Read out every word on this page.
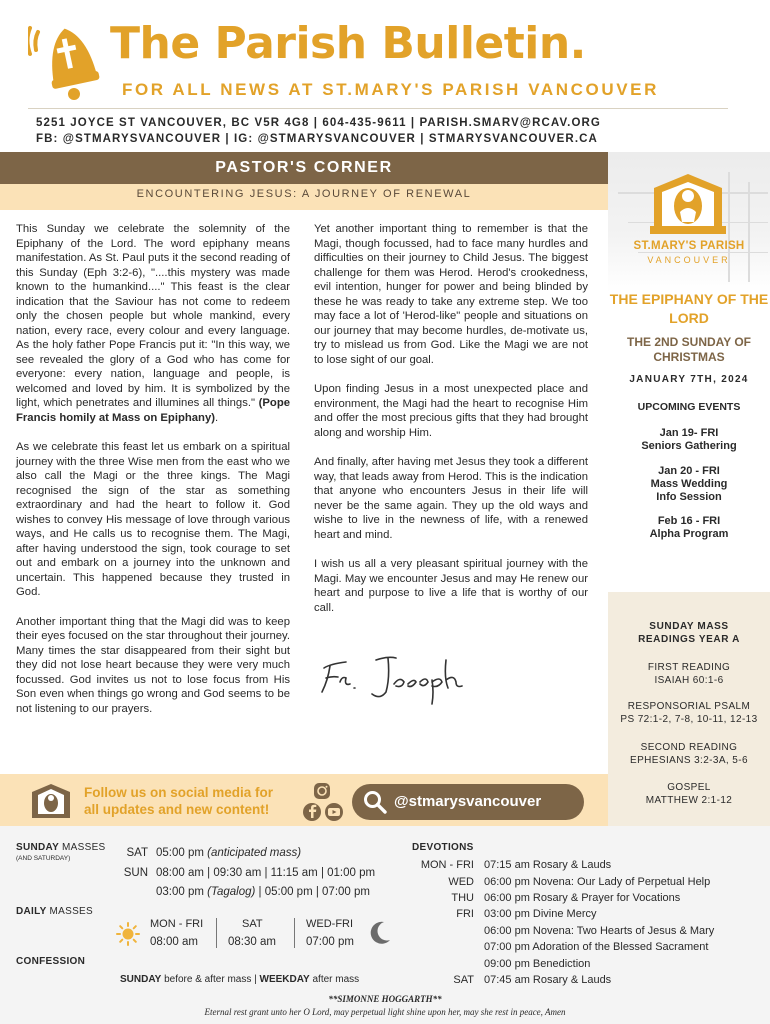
The Parish Bulletin.
FOR ALL NEWS AT ST.MARY'S PARISH VANCOUVER
5251 JOYCE ST VANCOUVER, BC V5R 4G8 | 604-435-9611 | PARISH.SMARV@RCAV.ORG
FB: @STMARYSVANCOUVER | IG: @STMARYSVANCOUVER | STMARYSVANCOUVER.CA
PASTOR'S CORNER
ENCOUNTERING JESUS: A JOURNEY OF RENEWAL

This Sunday we celebrate the solemnity of the Epiphany of the Lord. The word epiphany means manifestation. As St. Paul puts it the second reading of this Sunday (Eph 3:2-6), "....this mystery was made known to the humankind...." This feast is the clear indication that the Saviour has not come to redeem only the chosen people but whole mankind, every nation, every race, every colour and every language. As the holy father Pope Francis put it: "In this way, we see revealed the glory of a God who has come for everyone: every nation, language and people, is welcomed and loved by him. It is symbolized by the light, which penetrates and illumines all things." (Pope Francis homily at Mass on Epiphany).

As we celebrate this feast let us embark on a spiritual journey with the three Wise men from the east who we also call the Magi or the three kings. The Magi recognised the sign of the star as something extraordinary and had the heart to follow it. God wishes to convey His message of love through various ways, and He calls us to recognise them. The Magi, after having understood the sign, took courage to set out and embark on a journey into the unknown and uncertain. This happened because they trusted in God.

Another important thing that the Magi did was to keep their eyes focused on the star throughout their journey. Many times the star disappeared from their sight but they did not lose heart because they were very much focussed. God invites us not to lose focus from His Son even when things go wrong and God seems to be not listening to our prayers.

Yet another important thing to remember is that the Magi, though focussed, had to face many hurdles and difficulties on their journey to Child Jesus. The biggest challenge for them was Herod. Herod's crookedness, evil intention, hunger for power and being blinded by these he was ready to take any extreme step. We too may face a lot of 'Herod-like" people and situations on our journey that may become hurdles, de-motivate us, try to mislead us from God. Like the Magi we are not to lose sight of our goal.

Upon finding Jesus in a most unexpected place and environment, the Magi had the heart to recognise Him and offer the most precious gifts that they had brought along and worship Him.

And finally, after having met Jesus they took a different way, that leads away from Herod. This is the indication that anyone who encounters Jesus in their life will never be the same again. They up the old ways and wishe to live in the newness of life, with a renewed heart and mind.

I wish us all a very pleasant spiritual journey with the Magi. May we encounter Jesus and may He renew our heart and purpose to live a life that is worthy of our call.

ST.MARY'S PARISH
VANCOUVER
THE EPIPHANY OF THE LORD
THE 2ND SUNDAY OF CHRISTMAS
JANUARY 7TH, 2024
UPCOMING EVENTS
Jan 19- FRI
Seniors Gathering
Jan 20 - FRI
Mass Wedding Info Session
Feb 16 - FRI
Alpha Program
SUNDAY MASS READINGS YEAR A
FIRST READING
ISAIAH 60:1-6
RESPONSORIAL PSALM
PS 72:1-2, 7-8, 10-11, 12-13
SECOND READING
EPHESIANS 3:2-3A, 5-6
GOSPEL
MATTHEW 2:1-12
Follow us on social media for
all updates and new content!	@stmarysvancouver
SUNDAY MASSES
(AND SATURDAY)	SAT 05:00 pm (anticipated mass)
SUN 08:00 am | 09:30 am | 11:15 am | 01:00 pm
03:00 pm (Tagalog) | 05:00 pm | 07:00 pm
DAILY MASSES
MON - FRI
08:00 am
SAT
08:30 am
WED-FRI
07:00 pm
CONFESSION
SUNDAY before & after mass | WEEKDAY after mass
DEVOTIONS
MON - FRI 07:15 am Rosary & Lauds
WED 06:00 pm Novena: Our Lady of Perpetual Help
THU 06:00 pm Rosary & Prayer for Vocations
FRI 03:00 pm Divine Mercy
06:00 pm Novena: Two Hearts of Jesus & Mary
07:00 pm Adoration of the Blessed Sacrament
09:00 pm Benediction
SAT 07:45 am Rosary & Lauds
**SIMONNE HOGGARTH**
Eternal rest grant unto her O Lord, may perpetual light shine upon her, may she rest in peace, Amen
